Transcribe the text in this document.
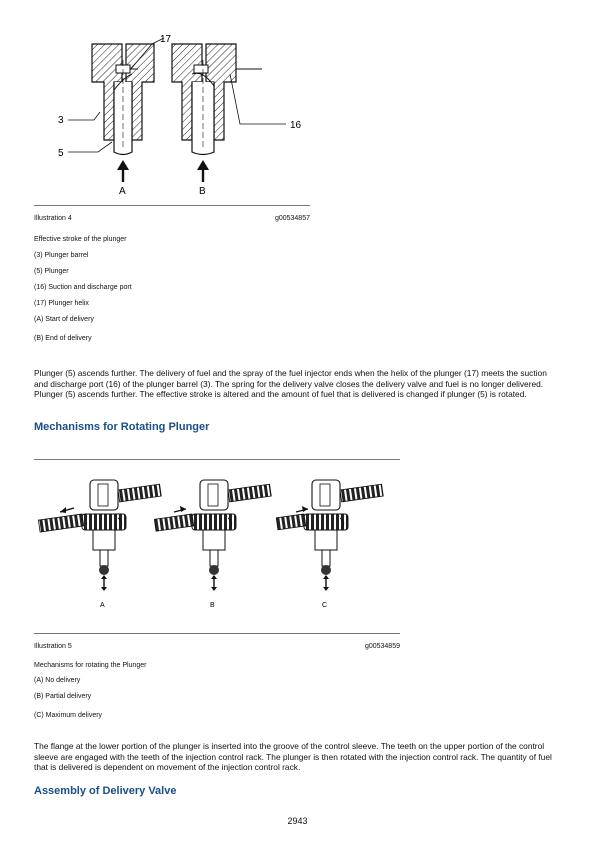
17
3
5
16
A	B
Illustration 4	g00534857
Effective stroke of the plunger
(3) Plunger barrel
(5) Plunger
(16) Suction and discharge port
(17) Plunger helix
(A) Start of delivery
(B) End of delivery
Plunger (5) ascends further. The delivery of fuel and the spray of the fuel injector ends when the helix of the plunger (17) meets the suction and discharge port (16) of the plunger barrel (3). The spring for the delivery valve closes the delivery valve and fuel is no longer delivered. Plunger (5) ascends further. The effective stroke is altered and the amount of fuel that is delivered is changed if plunger (5) is rotated.
Mechanisms for Rotating Plunger
A	B	C
Illustration 5	g00534859
Mechanisms for rotating the Plunger
(A) No delivery
(B) Partial delivery
(C) Maximum delivery
The flange at the lower portion of the plunger is inserted into the groove of the control sleeve. The teeth on the upper portion of the control sleeve are engaged with the teeth of the injection control rack. The plunger is then rotated with the injection control rack. The quantity of fuel that is delivered is dependent on movement of the injection control rack.
Assembly of Delivery Valve
2943
